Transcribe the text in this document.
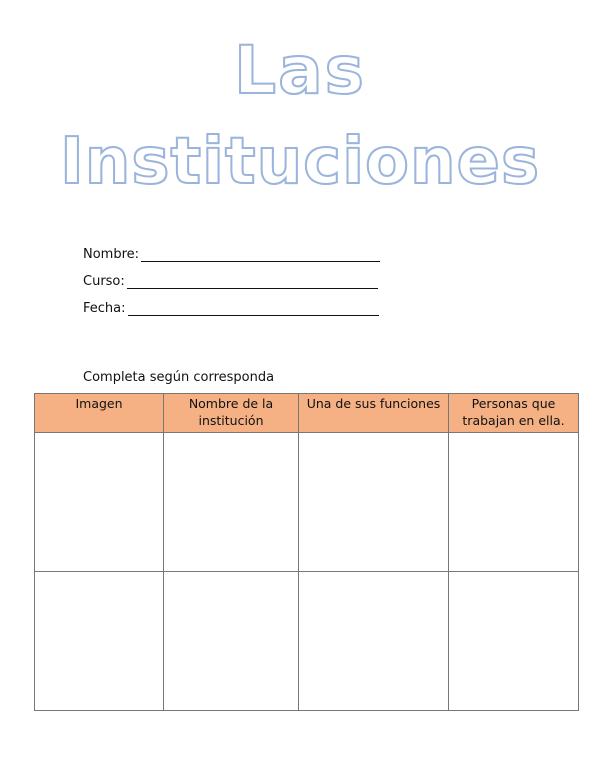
Las
Instituciones
Nombre:
Curso:
Fecha:
Completa según corresponda
Imagen	Nombre de la institución	Una de sus funciones	Personas que trabajan en ella.
